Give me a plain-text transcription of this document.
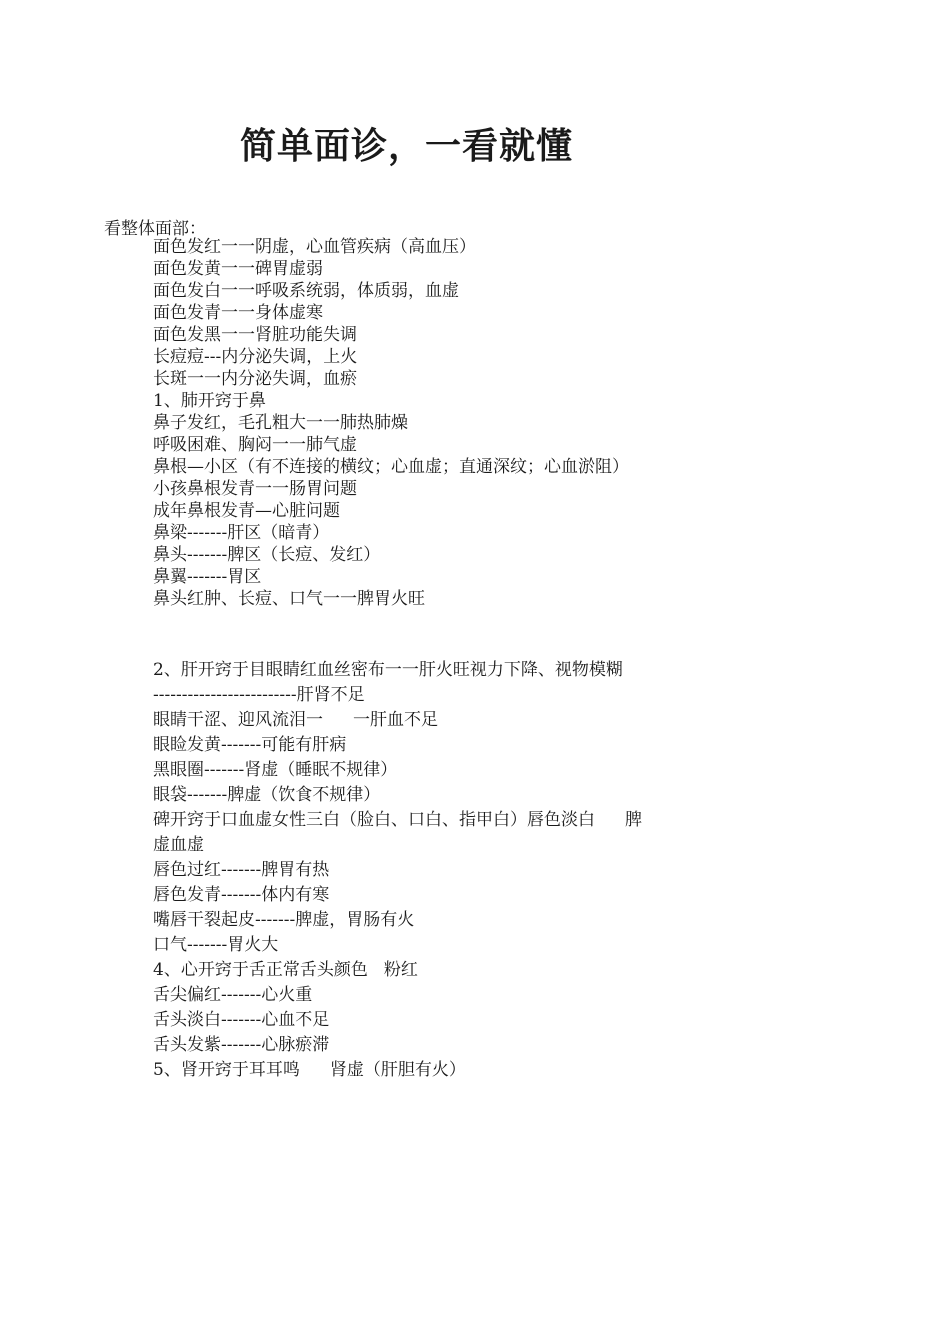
简单面诊，一看就懂
看整体面部：
面色发红一一阴虚，心血管疾病（高血压）
面色发黄一一碑胃虚弱
面色发白一一呼吸系统弱，体质弱，血虚
面色发青一一身体虚寒
面色发黑一一肾脏功能失调
长痘痘---内分泌失调，上火
长斑一一内分泌失调，血瘀
1、肺开窍于鼻
鼻子发红，毛孔粗大一一肺热肺燥
呼吸困难、胸闷一一肺气虚
鼻根—小区（有不连接的横纹；心血虚；直通深纹；心血淤阻）
小孩鼻根发青一一肠胃问题
成年鼻根发青—心脏问题
鼻梁-------肝区（暗青）
鼻头-------脾区（长痘、发红）
鼻翼-------胃区
鼻头红肿、长痘、口气一一脾胃火旺
2、肝开窍于目眼睛红血丝密布一一肝火旺视力下降、视物模糊
-------------------------肝肾不足
眼睛干涩、迎风流泪一 一肝血不足
眼睑发黄-------可能有肝病
黑眼圈-------肾虚（睡眠不规律）
眼袋-------脾虚（饮食不规律）
碑开窍于口血虚女性三白（脸白、口白、指甲白）唇色淡白 脾
虚血虚
唇色过红-------脾胃有热
唇色发青-------体内有寒
嘴唇干裂起皮-------脾虚，胃肠有火
口气-------胃火大
4、心开窍于舌正常舌头颜色 粉红
舌尖偏红-------心火重
舌头淡白-------心血不足
舌头发紫-------心脉瘀滞
5、肾开窍于耳耳鸣 肾虚（肝胆有火）
